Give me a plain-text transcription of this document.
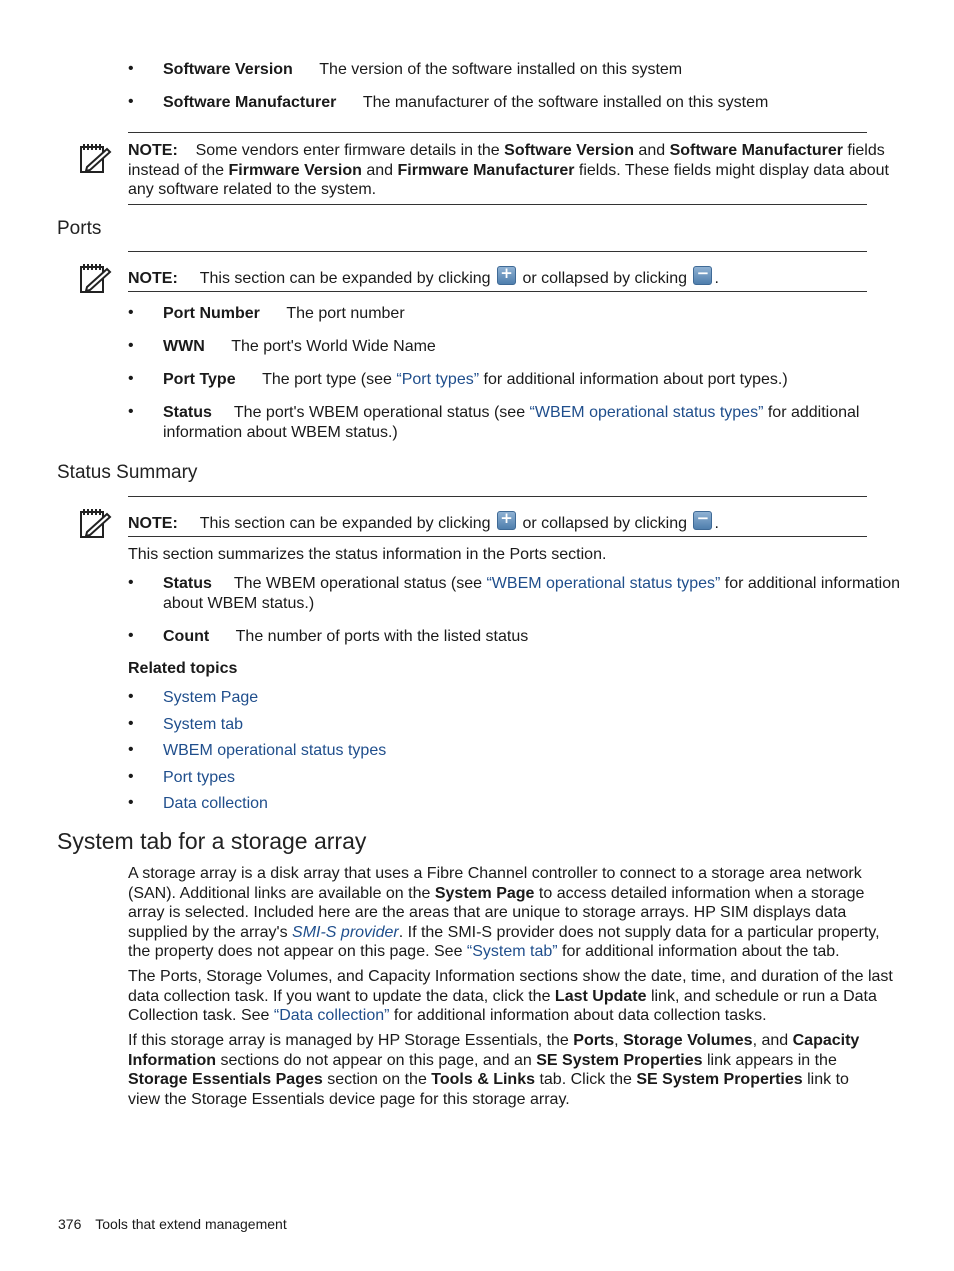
• Software Version The version of the software installed on this system
• Software Manufacturer The manufacturer of the software installed on this system
NOTE: Some vendors enter firmware details in the Software Version and Software Manufacturer fields
instead of the Firmware Version and Firmware Manufacturer fields. These fields might display data about
any software related to the system.
Ports
NOTE: This section can be expanded by clicking + or collapsed by clicking − .
• Port Number The port number
• WWN The port's World Wide Name
• Port Type The port type (see “Port types” for additional information about port types.)
• Status The port's WBEM operational status (see “WBEM operational status types” for additional
information about WBEM status.)
Status Summary
NOTE: This section can be expanded by clicking + or collapsed by clicking − .
This section summarizes the status information in the Ports section.
• Status The WBEM operational status (see “WBEM operational status types” for additional information
about WBEM status.)
• Count The number of ports with the listed status
Related topics
• System Page
• System tab
• WBEM operational status types
• Port types
• Data collection
System tab for a storage array
A storage array is a disk array that uses a Fibre Channel controller to connect to a storage area network
(SAN). Additional links are available on the System Page to access detailed information when a storage
array is selected. Included here are the areas that are unique to storage arrays. HP SIM displays data
supplied by the array's SMI-S provider. If the SMI-S provider does not supply data for a particular property,
the property does not appear on this page. See “System tab” for additional information about the tab.
The Ports, Storage Volumes, and Capacity Information sections show the date, time, and duration of the last
data collection task. If you want to update the data, click the Last Update link, and schedule or run a Data
Collection task. See “Data collection” for additional information about data collection tasks.
If this storage array is managed by HP Storage Essentials, the Ports, Storage Volumes, and Capacity
Information sections do not appear on this page, and an SE System Properties link appears in the
Storage Essentials Pages section on the Tools & Links tab. Click the SE System Properties link to
view the Storage Essentials device page for this storage array.
376 Tools that extend management
